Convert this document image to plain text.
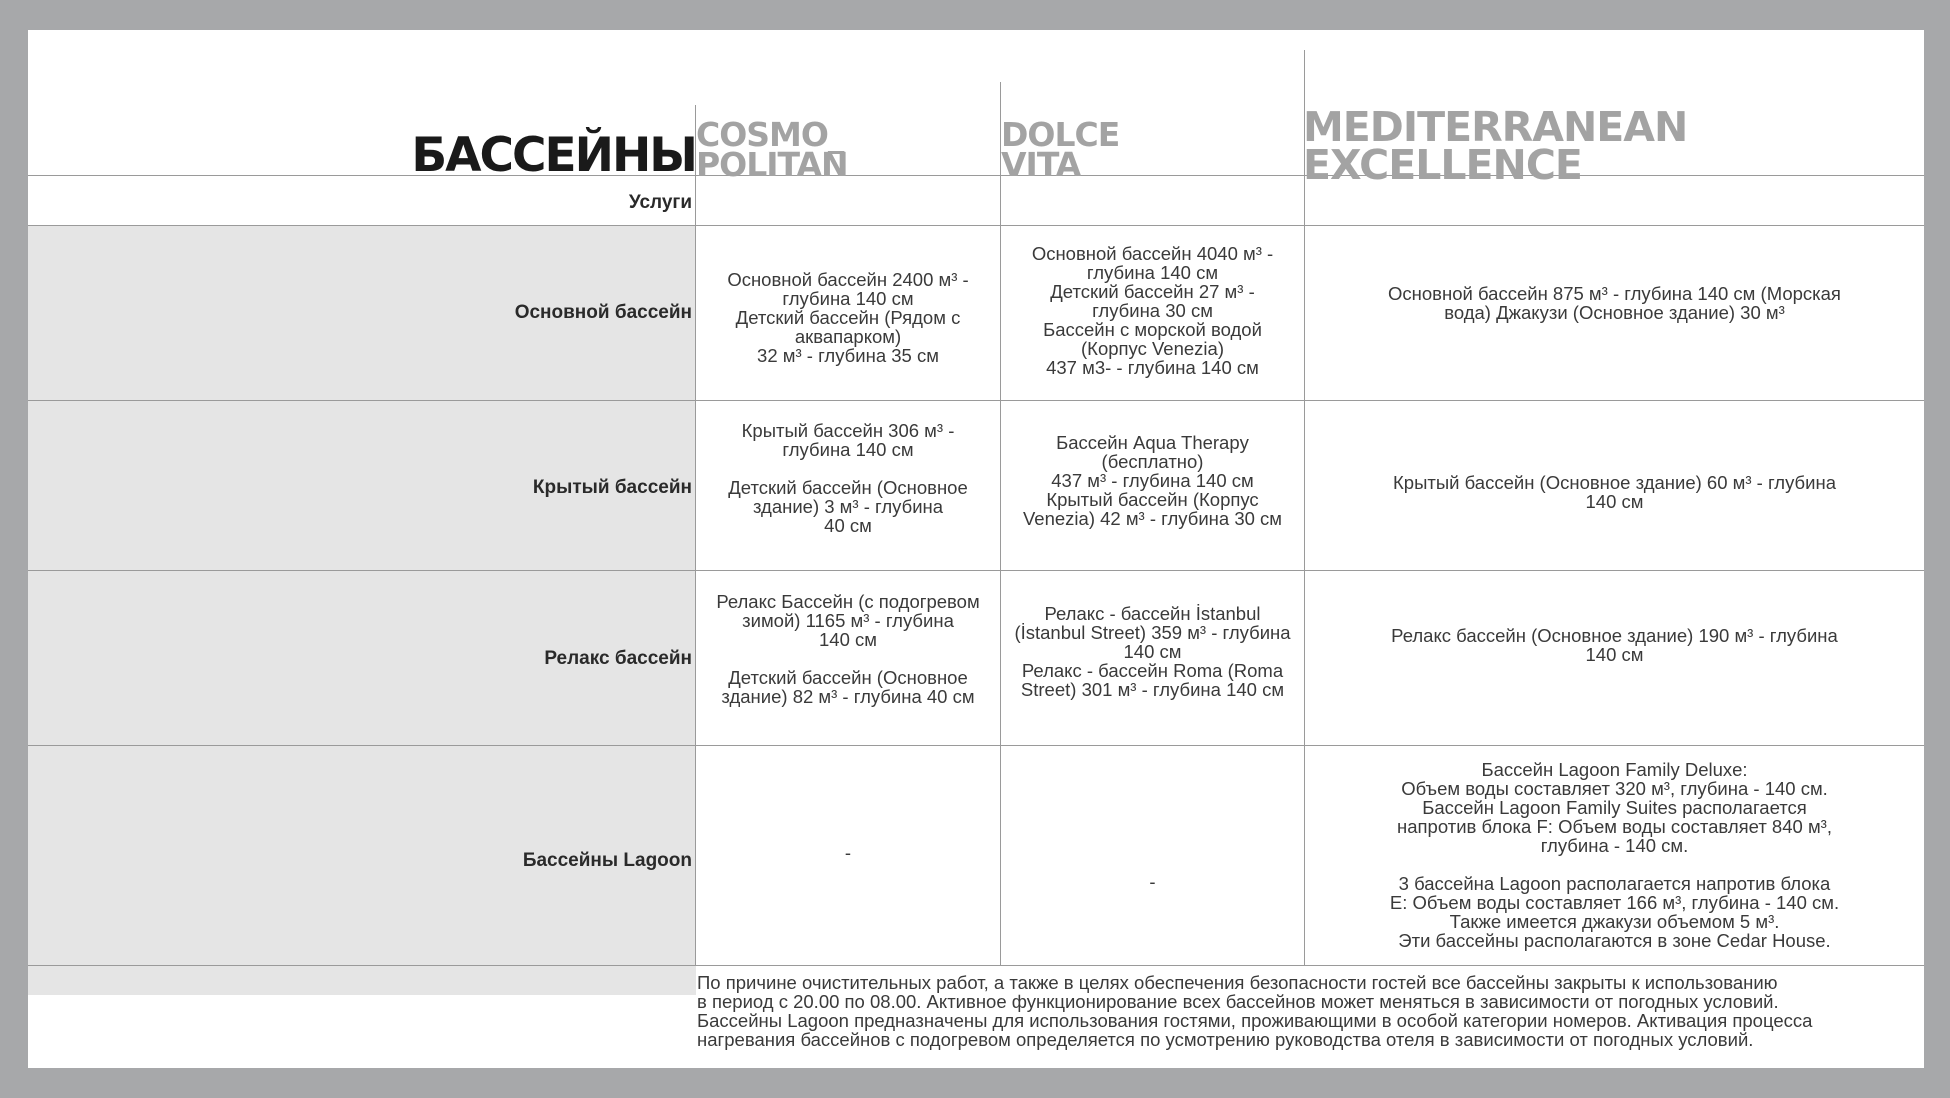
БАССЕЙНЫ COSMO_
POLITAN
DOLCE
VITA
MEDITERRANEAN
EXCELLENCE
Услуги
Основной бассейн
Крытый бассейн
Релакс бассейн
Бассейны Lagoon
Основной бассейн 2400 м³ -
глубина 140 см
Детский бассейн (Рядом с
аквапарком)
32 м³ - глубина 35 см
Основной бассейн 4040 м³ -
глубина 140 см
Детский бассейн 27 м³ -
глубина 30 см
Бассейн с морской водой
(Корпус Venezia)
437 м3- - глубина 140 см
Основной бассейн 875 м³ - глубина 140 см (Морская
вода) Джакузи (Основное здание) 30 м³
Крытый бассейн 306 м³ -
глубина 140 см

Детский бассейн (Основное
здание) 3 м³ - глубина
40 см
Бассейн Aqua Therapy
(бесплатно)
437 м³ - глубина 140 см
Крытый бассейн (Корпус
Venezia) 42 м³ - глубина 30 см
Крытый бассейн (Основное здание) 60 м³ - глубина
140 см
Релакс Бассейн (с подогревом
зимой) 1165 м³ - глубина
140 см

Детский бассейн (Основное
здание) 82 м³ - глубина 40 см
Релакс - бассейн İstanbul
(İstanbul Street) 359 м³ - глубина
140 см
Релакс - бассейн Roma (Roma
Street) 301 м³ - глубина 140 см
Релакс бассейн (Основное здание) 190 м³ - глубина
140 см
-
-
Бассейн Lagoon Family Deluxe:
Объем воды составляет 320 м³, глубина - 140 см.
Бассейн Lagoon Family Suites располагается
напротив блока F: Объем воды составляет 840 м³,
глубина - 140 см.

3 бассейна Lagoon располагается напротив блока
E: Объем воды составляет 166 м³, глубина - 140 см.
Также имеется джакузи объемом 5 м³.
Эти бассейны располагаются в зоне Cedar House.
По причине очистительных работ, а также в целях обеспечения безопасности гостей все бассейны закрыты к использованию
в период с 20.00 по 08.00. Активное функционирование всех бассейнов может меняться в зависимости от погодных условий.
Бассейны Lagoon предназначены для использования гостями, проживающими в особой категории номеров. Активация процесса
нагревания бассейнов с подогревом определяется по усмотрению руководства отеля в зависимости от погодных условий.
